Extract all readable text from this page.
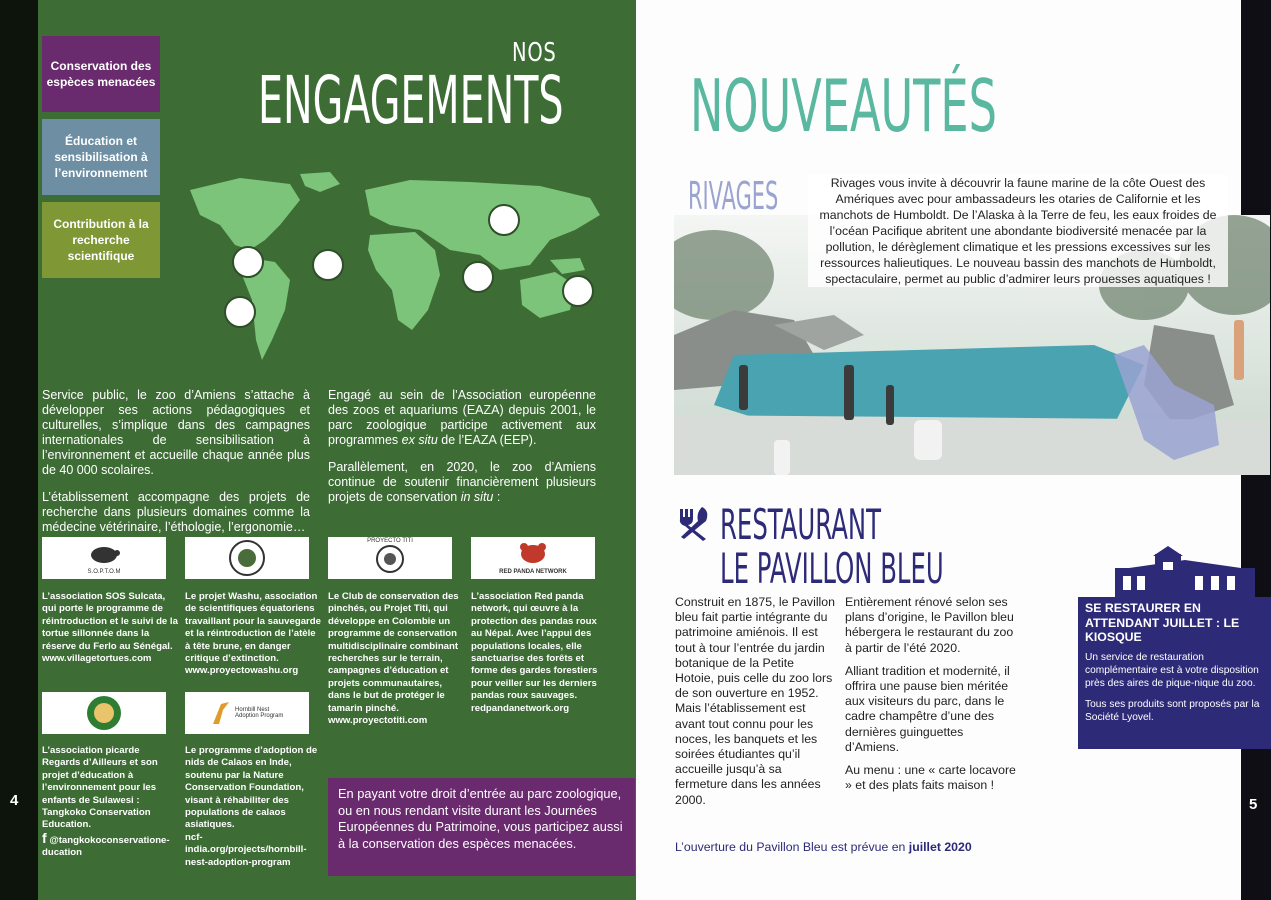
4
Conservation des espèces menacées
Éducation et sensibilisation à l’environnement
Contribution à la recherche scientifique
NOS
ENGAGEMENTS

Service public, le zoo d’Amiens s’attache à développer ses actions pédagogiques et culturelles, s’implique dans des campagnes internationales de sensibilisation à l’environnement et accueille chaque année plus de 40 000 scolaires.

L’établissement accompagne des projets de recherche dans plusieurs domaines comme la médecine vétérinaire, l’éthologie, l’ergonomie…

Engagé au sein de l’Association européenne des zoos et aquariums (EAZA) depuis 2001, le parc zoologique participe activement aux programmes ex situ de l’EAZA (EEP).

Parallèlement, en 2020, le zoo d’Amiens continue de soutenir financièrement plusieurs projets de conservation in situ :

S.O.P.T.O.M
L’association SOS Sulcata, qui porte le programme de réintroduction et le suivi de la tortue sillonnée dans la réserve du Ferlo au Sénégal.
www.villagetortues.com
Le projet Washu, association de scientifiques équatoriens travaillant pour la sauvegarde et la réintroduction de l’atèle à tête brune, en danger critique d’extinction.
www.proyectowashu.org
PROYECTO TITI
Le Club de conservation des pinchés, ou Projet Titi, qui développe en Colombie un programme de conservation multidisciplinaire combinant recherches sur le terrain, campagnes d’éducation et projets communautaires, dans le but de protéger le tamarin pinché.
www.proyectotiti.com
RED PANDA NETWORK
L’association Red panda network, qui œuvre à la protection des pandas roux au Népal. Avec l’appui des populations locales, elle sanctuarise des forêts et forme des gardes forestiers pour veiller sur les derniers pandas roux sauvages.
redpandanetwork.org
L’association picarde Regards d’Ailleurs et son projet d’éducation à l’environnement pour les enfants de Sulawesi : Tangkoko Conservation Education.
f @tangkokoconservatione-ducation
Hornbill Nest Adoption Program
Le programme d’adoption de nids de Calaos en Inde, soutenu par la Nature Conservation Foundation, visant à réhabiliter des populations de calaos asiatiques.
ncf-india.org/projects/hornbill-nest-adoption-program
En payant votre droit d’entrée au parc zoologique, ou en nous rendant visite durant les Journées Européennes du Patrimoine, vous participez aussi à la conservation des espèces menacées.
5
NOUVEAUTÉS
RIVAGES	Rivages vous invite à découvrir la faune marine de la côte Ouest des Amériques avec pour ambassadeurs les otaries de Californie et les manchots de Humboldt. De l’Alaska à la Terre de feu, les eaux froides de l’océan Pacifique abritent une abondante biodiversité menacée par la pollution, le dérèglement climatique et les pressions excessives sur les ressources halieutiques. Le nouveau bassin des manchots de Humboldt, spectaculaire, permet au public d’admirer leurs prouesses aquatiques !
RESTAURANT
LE PAVILLON BLEU
Construit en 1875, le Pavillon bleu fait partie intégrante du patrimoine amiénois. Il est tout à tour l’entrée du jardin botanique de la Petite Hotoie, puis celle du zoo lors de son ouverture en 1952. Mais l’établissement est avant tout connu pour les noces, les banquets et les soirées étudiantes qu’il accueille jusqu’à sa fermeture dans les années 2000.

Entièrement rénové selon ses plans d’origine, le Pavillon bleu hébergera le restaurant du zoo à partir de l’été 2020.

Alliant tradition et modernité, il offrira une pause bien méritée aux visiteurs du parc, dans le cadre champêtre d’une des dernières guinguettes d’Amiens.

Au menu : une « carte locavore » et des plats faits maison !

L’ouverture du Pavillon Bleu est prévue en juillet 2020
SE RESTAURER EN ATTENDANT JUILLET : LE KIOSQUE
Un service de restauration complémentaire est à votre disposition près des aires de pique-nique du zoo.
Tous ses produits sont proposés par la Société Lyovel.
